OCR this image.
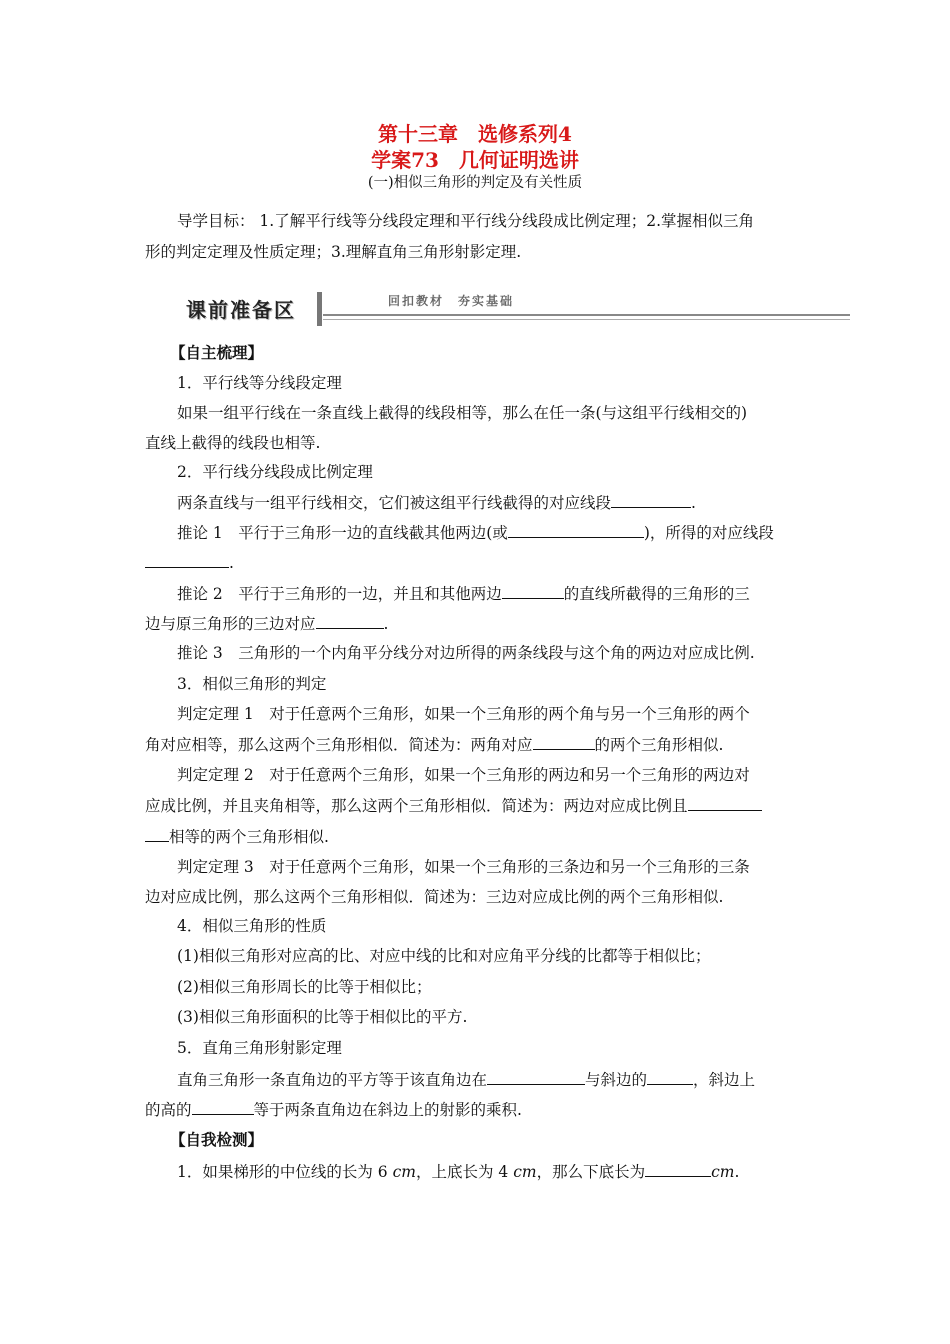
第十三章　选修系列4
学案73　几何证明选讲
(一)相似三角形的判定及有关性质
导学目标： 1.了解平行线等分线段定理和平行线分线段成比例定理；2.掌握相似三角
形的判定定理及性质定理；3.理解直角三角形射影定理.
课前准备区	回扣教材　夯实基础
【自主梳理】
1．平行线等分线段定理
如果一组平行线在一条直线上截得的线段相等，那么在任一条(与这组平行线相交的)
直线上截得的线段也相等.
2．平行线分线段成比例定理
两条直线与一组平行线相交，它们被这组平行线截得的对应线段	.
推论 1　平行于三角形一边的直线截其他两边(或	)，所得的对应线段
.
推论 2　平行于三角形的一边，并且和其他两边	的直线所截得的三角形的三
边与原三角形的三边对应	.
推论 3　三角形的一个内角平分线分对边所得的两条线段与这个角的两边对应成比例.
3．相似三角形的判定
判定定理 1　对于任意两个三角形，如果一个三角形的两个角与另一个三角形的两个
角对应相等，那么这两个三角形相似．简述为：两角对应	的两个三角形相似.
判定定理 2　对于任意两个三角形，如果一个三角形的两边和另一个三角形的两边对
应成比例，并且夹角相等，那么这两个三角形相似．简述为：两边对应成比例且
相等的两个三角形相似.
判定定理 3　对于任意两个三角形，如果一个三角形的三条边和另一个三角形的三条
边对应成比例，那么这两个三角形相似．简述为：三边对应成比例的两个三角形相似.
4．相似三角形的性质
(1)相似三角形对应高的比、对应中线的比和对应角平分线的比都等于相似比；
(2)相似三角形周长的比等于相似比；
(3)相似三角形面积的比等于相似比的平方.
5．直角三角形射影定理
直角三角形一条直角边的平方等于该直角边在	与斜边的	，斜边上
的高的	等于两条直角边在斜边上的射影的乘积.
【自我检测】
1．如果梯形的中位线的长为 6 cm，上底长为 4 cm，那么下底长为	cm.
